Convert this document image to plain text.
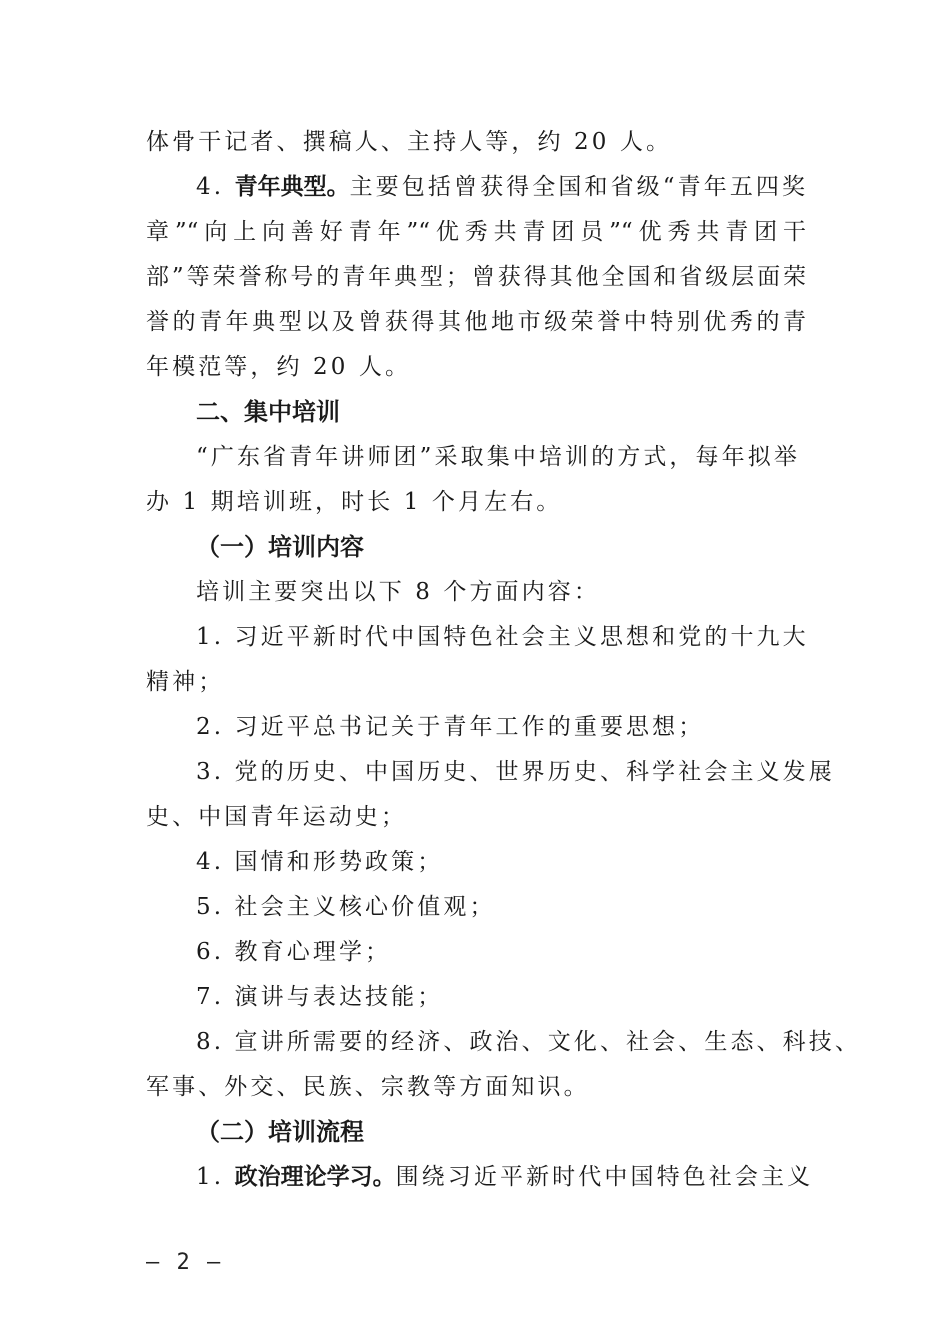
体骨干记者、撰稿人、主持人等，约 20 人。
4. 青年典型。主要包括曾获得全国和省级“青年五四奖
章”“向上向善好青年”“优秀共青团员”“优秀共青团干
部”等荣誉称号的青年典型；曾获得其他全国和省级层面荣
誉的青年典型以及曾获得其他地市级荣誉中特别优秀的青
年模范等，约 20 人。
二、集中培训
“广东省青年讲师团”采取集中培训的方式，每年拟举
办 1 期培训班，时长 1 个月左右。
（一）培训内容
培训主要突出以下 8 个方面内容：
1. 习近平新时代中国特色社会主义思想和党的十九大
精神；
2. 习近平总书记关于青年工作的重要思想；
3. 党的历史、中国历史、世界历史、科学社会主义发展
史、中国青年运动史；
4. 国情和形势政策；
5. 社会主义核心价值观；
6. 教育心理学；
7. 演讲与表达技能；
8. 宣讲所需要的经济、政治、文化、社会、生态、科技、
军事、外交、民族、宗教等方面知识。
（二）培训流程
1. 政治理论学习。围绕习近平新时代中国特色社会主义
— 2 —
